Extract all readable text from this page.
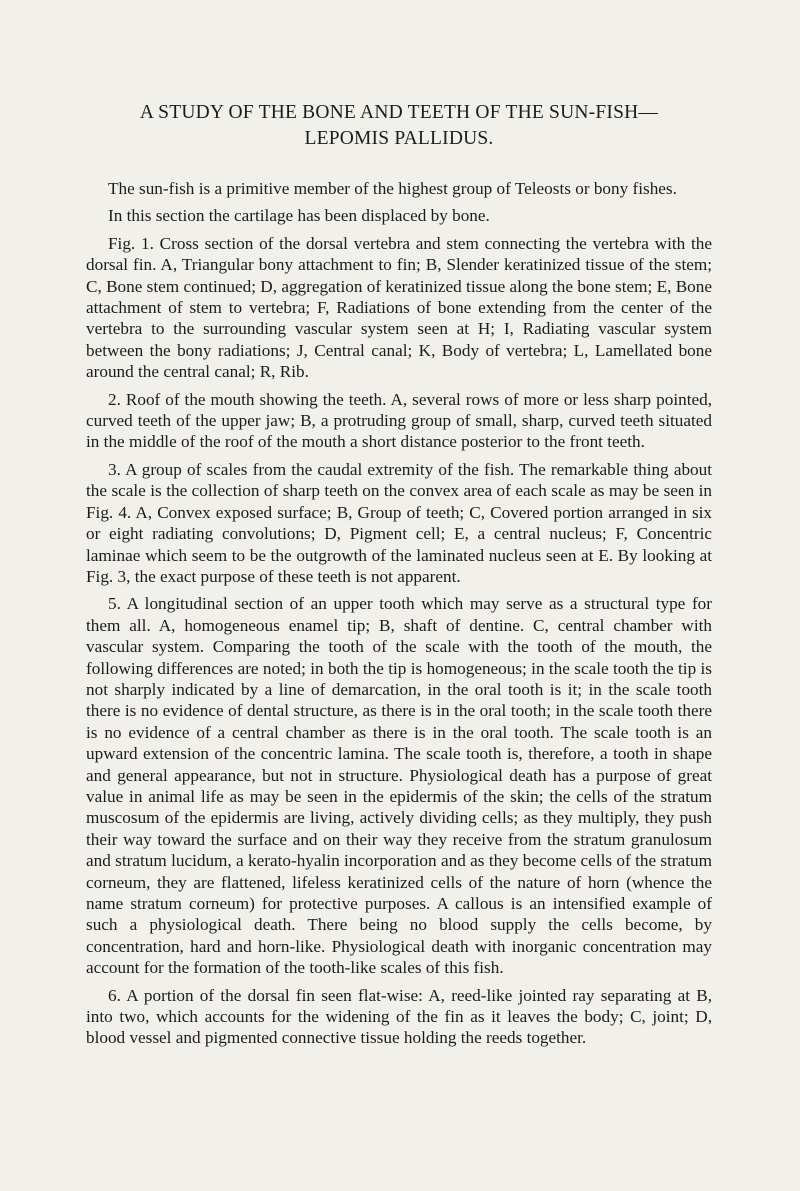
A STUDY OF THE BONE AND TEETH OF THE SUN-FISH—
LEPOMIS PALLIDUS.

The sun-fish is a primitive member of the highest group of Teleosts or bony fishes.

In this section the cartilage has been displaced by bone.

Fig. 1. Cross section of the dorsal vertebra and stem connecting the vertebra with the dorsal fin. A, Triangular bony attachment to fin; B, Slender keratinized tissue of the stem; C, Bone stem continued; D, aggregation of keratinized tissue along the bone stem; E, Bone attachment of stem to vertebra; F, Radiations of bone extending from the center of the vertebra to the surrounding vascular system seen at H; I, Radiating vascular system between the bony radiations; J, Central canal; K, Body of vertebra; L, Lamellated bone around the central canal; R, Rib.

2. Roof of the mouth showing the teeth. A, several rows of more or less sharp pointed, curved teeth of the upper jaw; B, a protruding group of small, sharp, curved teeth situated in the middle of the roof of the mouth a short distance posterior to the front teeth.

3. A group of scales from the caudal extremity of the fish. The remarkable thing about the scale is the collection of sharp teeth on the convex area of each scale as may be seen in Fig. 4. A, Convex exposed surface; B, Group of teeth; C, Covered portion arranged in six or eight radiating convolutions; D, Pigment cell; E, a central nucleus; F, Concentric laminae which seem to be the outgrowth of the laminated nucleus seen at E. By looking at Fig. 3, the exact purpose of these teeth is not apparent.

5. A longitudinal section of an upper tooth which may serve as a structural type for them all. A, homogeneous enamel tip; B, shaft of dentine. C, central chamber with vascular system. Comparing the tooth of the scale with the tooth of the mouth, the following differences are noted; in both the tip is homogeneous; in the scale tooth the tip is not sharply indicated by a line of demarcation, in the oral tooth is it; in the scale tooth there is no evidence of dental structure, as there is in the oral tooth; in the scale tooth there is no evidence of a central chamber as there is in the oral tooth. The scale tooth is an upward extension of the concentric lamina. The scale tooth is, therefore, a tooth in shape and general appearance, but not in structure. Physiological death has a purpose of great value in animal life as may be seen in the epidermis of the skin; the cells of the stratum muscosum of the epidermis are living, actively dividing cells; as they multiply, they push their way toward the surface and on their way they receive from the stratum granulosum and stratum lucidum, a kerato-hyalin incorporation and as they become cells of the stratum corneum, they are flattened, lifeless keratinized cells of the nature of horn (whence the name stratum corneum) for protective purposes. A callous is an intensified example of such a physiological death. There being no blood supply the cells become, by concentration, hard and horn-like. Physiological death with inorganic concentration may account for the formation of the tooth-like scales of this fish.

6. A portion of the dorsal fin seen flat-wise: A, reed-like jointed ray separating at B, into two, which accounts for the widening of the fin as it leaves the body; C, joint; D, blood vessel and pigmented connective tissue holding the reeds together.
